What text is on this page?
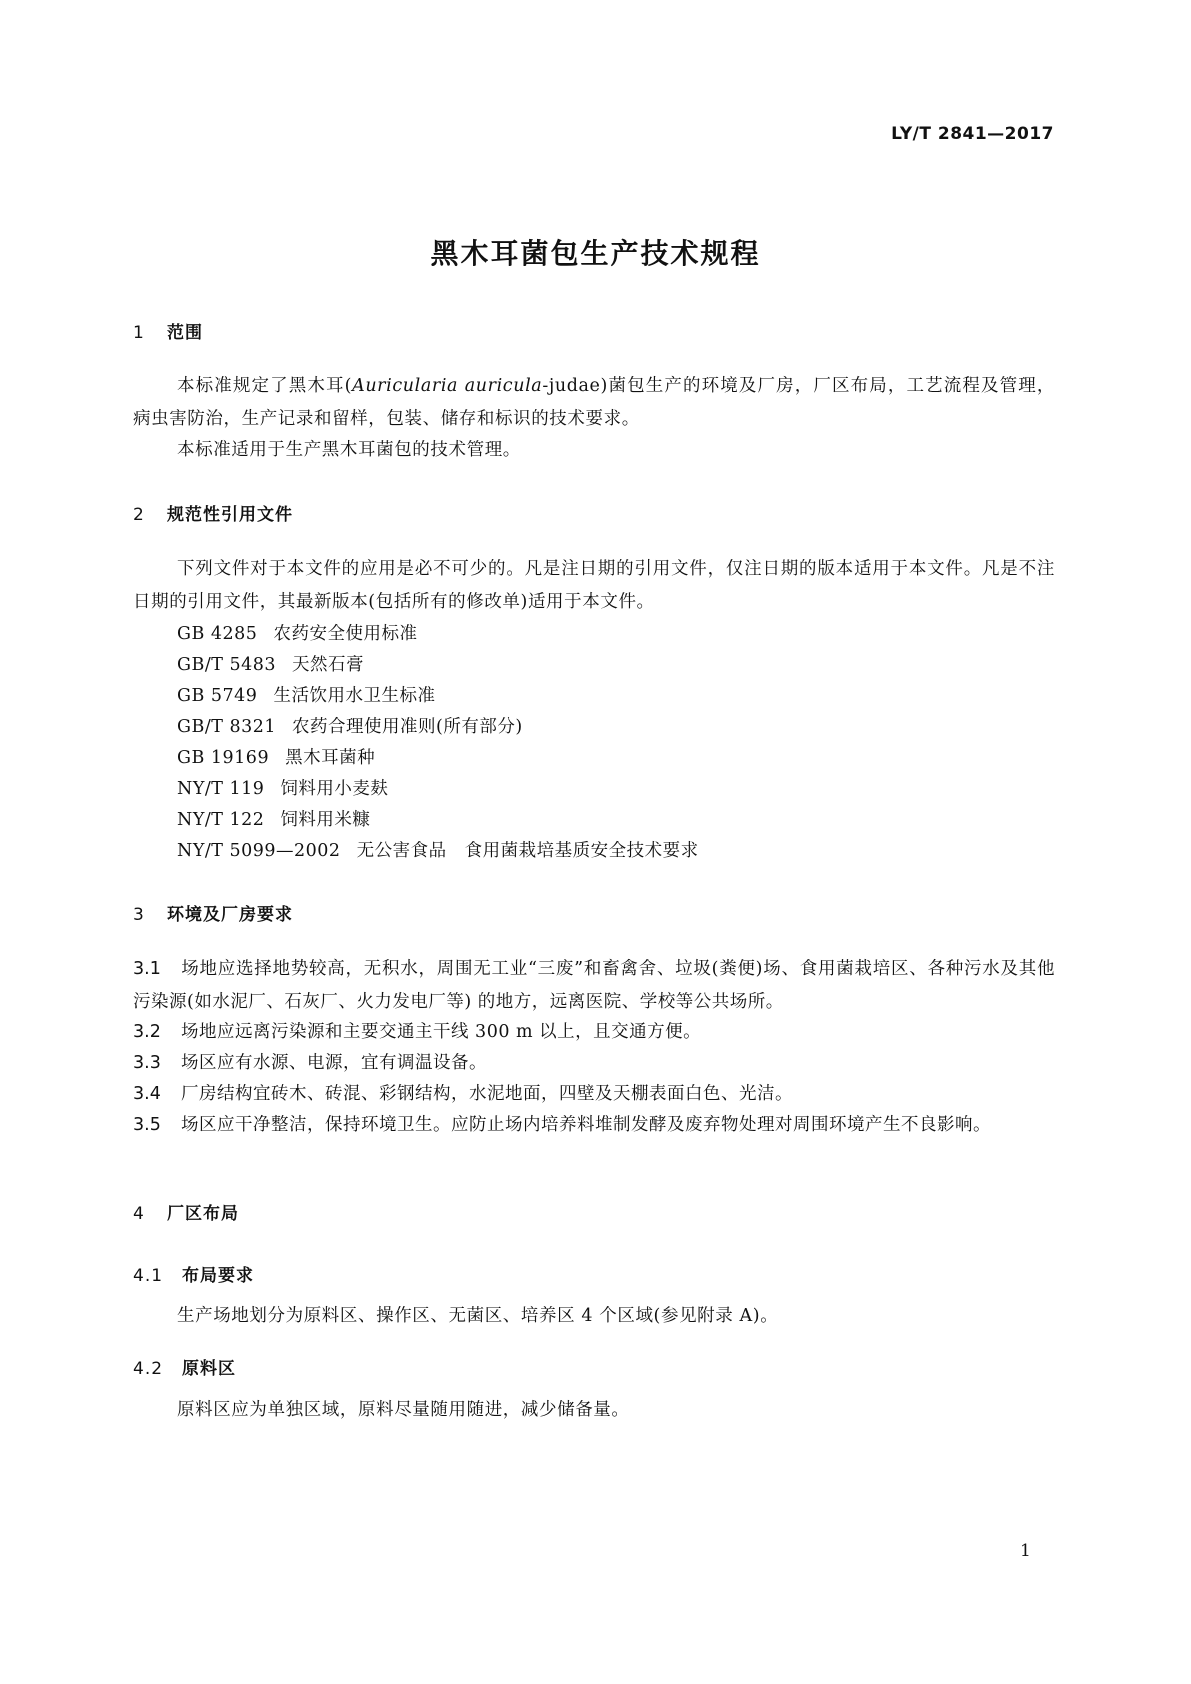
LY/T 2841—2017
黑木耳菌包生产技术规程
1 范围
本标准规定了黑木耳(Auricularia auricula-judae)菌包生产的环境及厂房，厂区布局，工艺流程及管理，病虫害防治，生产记录和留样，包装、储存和标识的技术要求。
本标准适用于生产黑木耳菌包的技术管理。
2 规范性引用文件
下列文件对于本文件的应用是必不可少的。凡是注日期的引用文件，仅注日期的版本适用于本文件。凡是不注日期的引用文件，其最新版本(包括所有的修改单)适用于本文件。
GB 4285 农药安全使用标准
GB/T 5483 天然石膏
GB 5749 生活饮用水卫生标准
GB/T 8321 农药合理使用准则(所有部分)
GB 19169 黑木耳菌种
NY/T 119 饲料用小麦麸
NY/T 122 饲料用米糠
NY/T 5099—2002 无公害食品　食用菌栽培基质安全技术要求
3 环境及厂房要求
3.1 场地应选择地势较高，无积水，周围无工业“三废”和畜禽舍、垃圾(粪便)场、食用菌栽培区、各种污水及其他污染源(如水泥厂、石灰厂、火力发电厂等) 的地方，远离医院、学校等公共场所。
3.2 场地应远离污染源和主要交通主干线 300 m 以上，且交通方便。
3.3 场区应有水源、电源，宜有调温设备。
3.4 厂房结构宜砖木、砖混、彩钢结构，水泥地面，四壁及天棚表面白色、光洁。
3.5 场区应干净整洁，保持环境卫生。应防止场内培养料堆制发酵及废弃物处理对周围环境产生不良影响。
4 厂区布局
4.1 布局要求
生产场地划分为原料区、操作区、无菌区、培养区 4 个区域(参见附录 A)。
4.2 原料区
原料区应为单独区域，原料尽量随用随进，减少储备量。
1
